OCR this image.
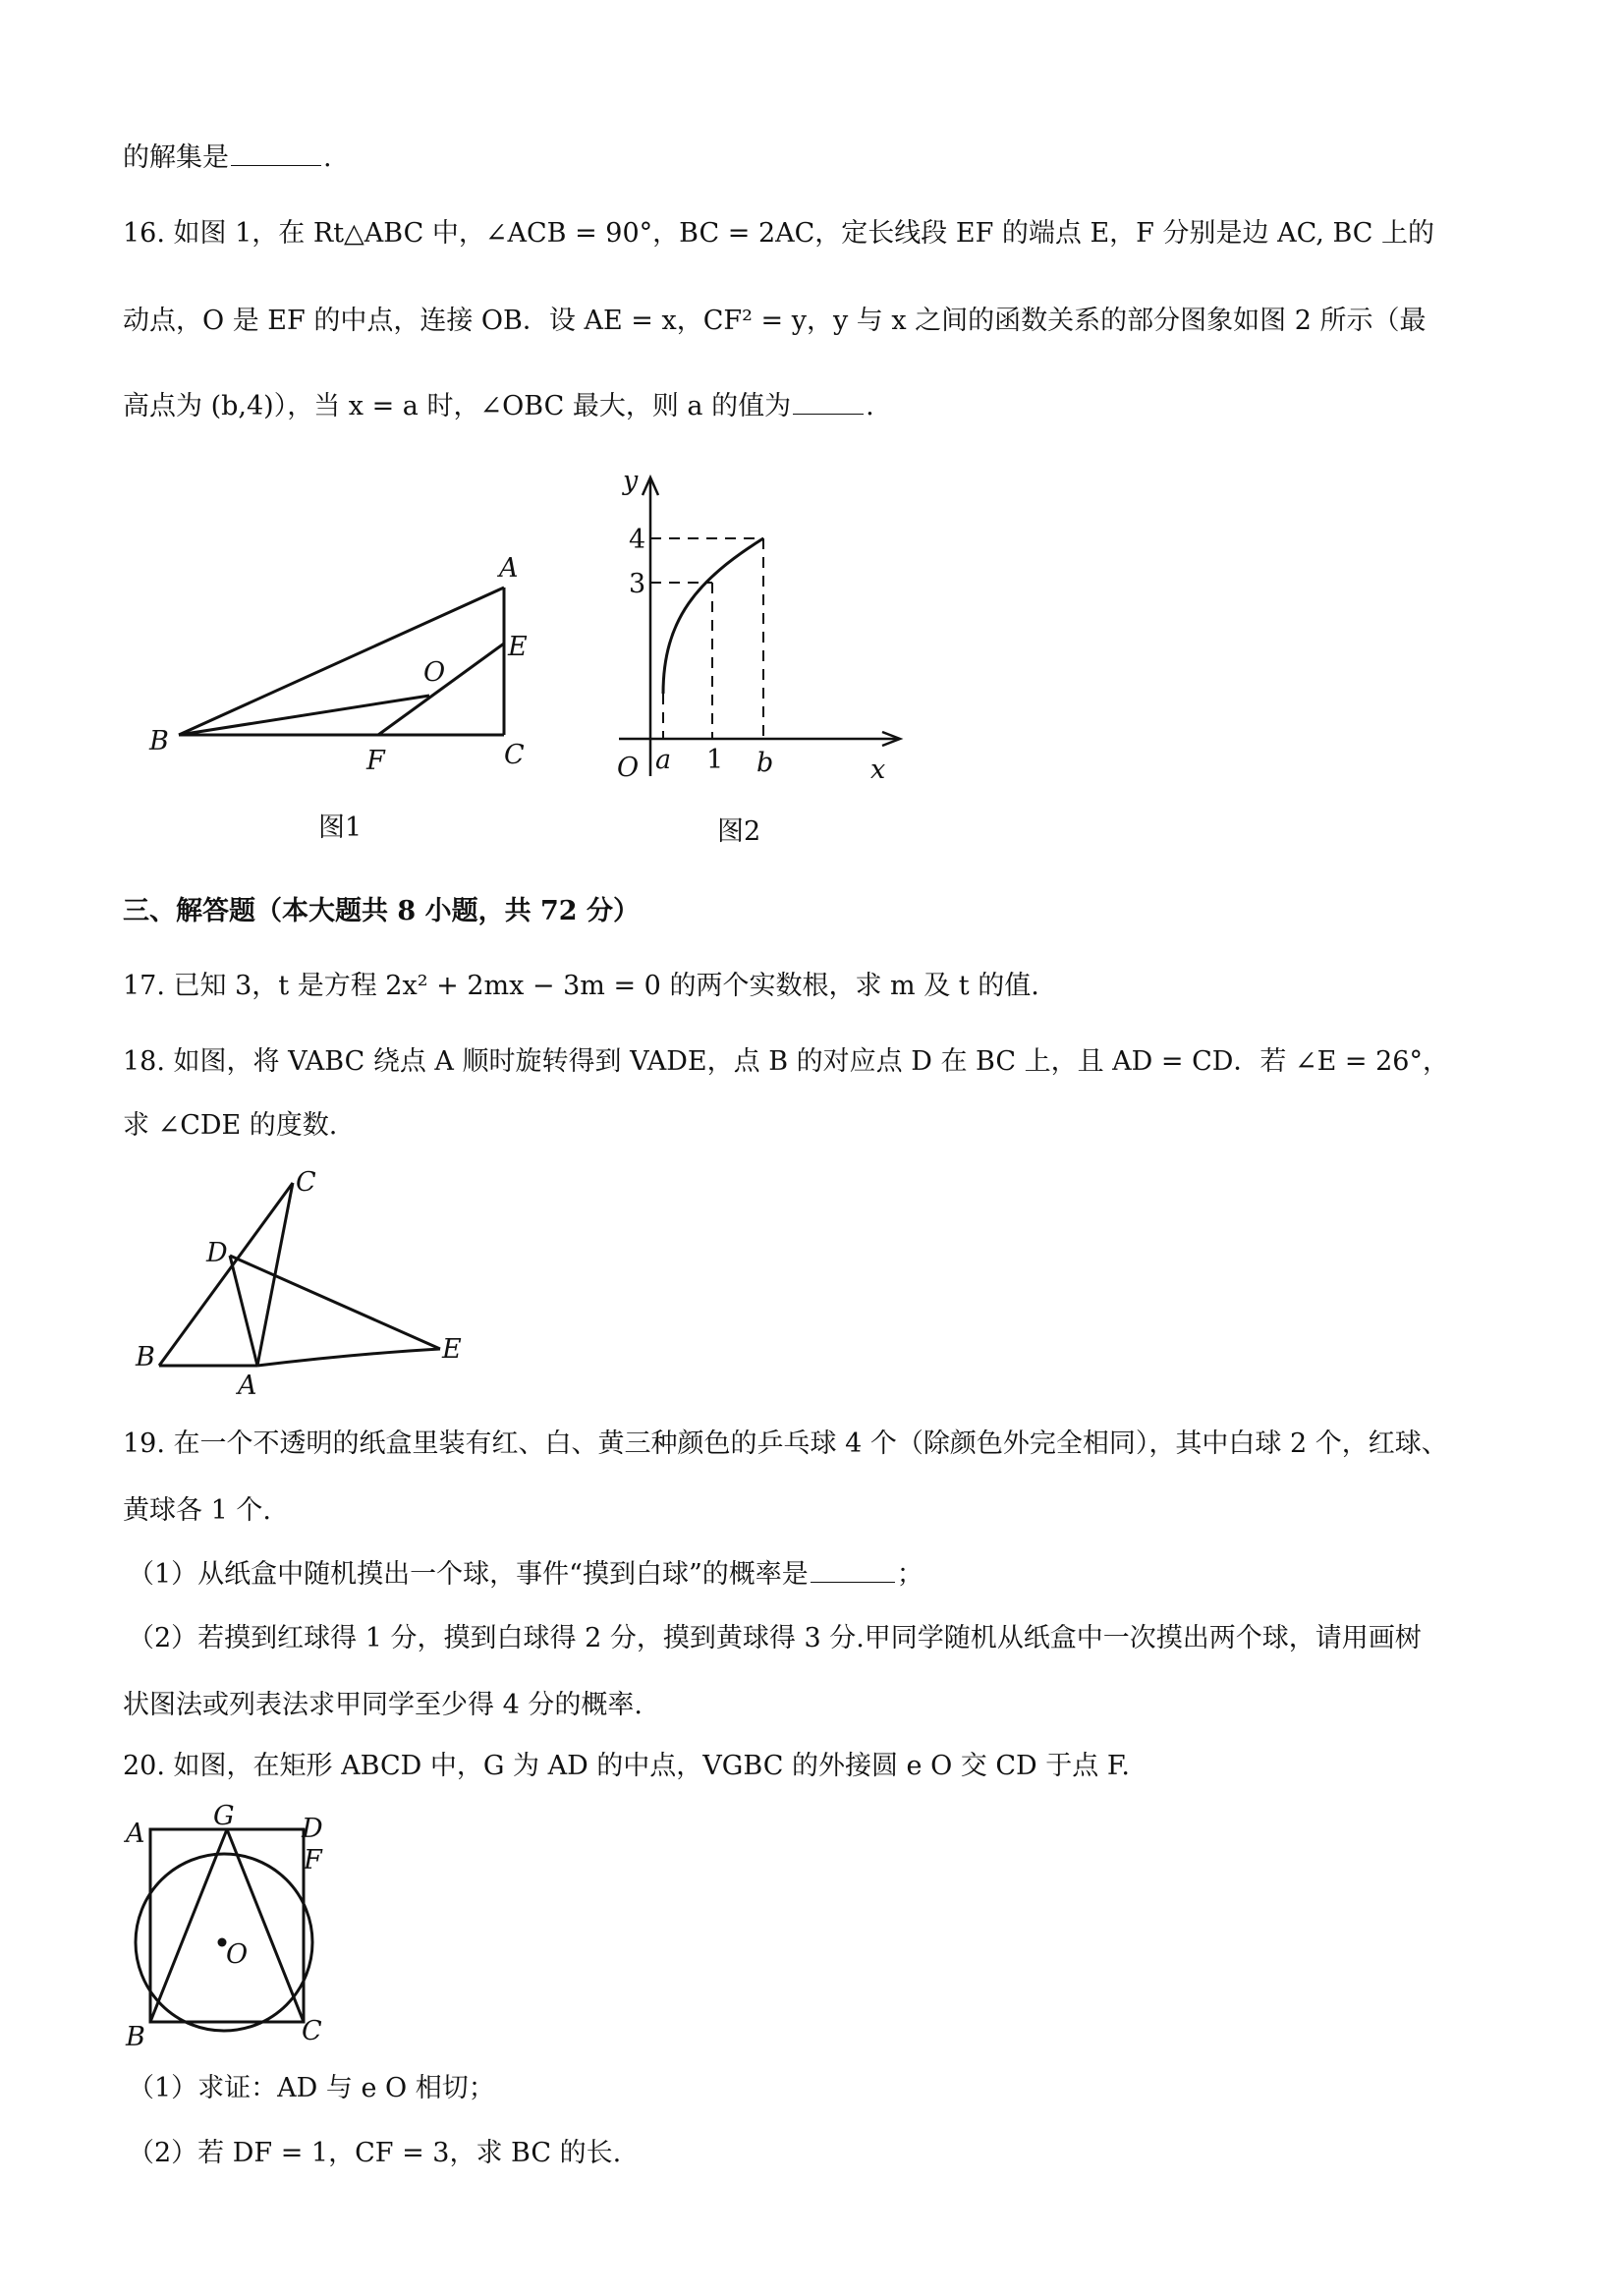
的解集是	.
16. 如图 1，在 Rt△ABC 中，∠ACB = 90°，BC = 2AC，定长线段 EF 的端点 E，F 分别是边 AC, BC 上的
动点，O 是 EF 的中点，连接 OB．设 AE = x，CF² = y，y 与 x 之间的函数关系的部分图象如图 2 所示（最
高点为 (b,4)），当 x = a 时，∠OBC 最大，则 a 的值为	.
A
B	C
E
F
O
图1
y
x
O a 1 b
4
3
图2
三、解答题（本大题共 8 小题，共 72 分）
17. 已知 3，t 是方程 2x² + 2mx − 3m = 0 的两个实数根，求 m 及 t 的值.
18. 如图，将 VABC 绕点 A 顺时旋转得到 VADE，点 B 的对应点 D 在 BC 上，且 AD = CD．若 ∠E = 26°，
求 ∠CDE 的度数.
C
D
B
A
E
19. 在一个不透明的纸盒里装有红、白、黄三种颜色的乒乓球 4 个（除颜色外完全相同），其中白球 2 个，红球、
黄球各 1 个.
（1）从纸盒中随机摸出一个球，事件“摸到白球”的概率是	；
（2）若摸到红球得 1 分，摸到白球得 2 分，摸到黄球得 3 分.甲同学随机从纸盒中一次摸出两个球，请用画树
状图法或列表法求甲同学至少得 4 分的概率.
20. 如图，在矩形 ABCD 中，G 为 AD 的中点，VGBC 的外接圆 e O 交 CD 于点 F.
A
G	D
F
O
B	C
（1）求证：AD 与 e O 相切；
（2）若 DF = 1，CF = 3，求 BC 的长.
